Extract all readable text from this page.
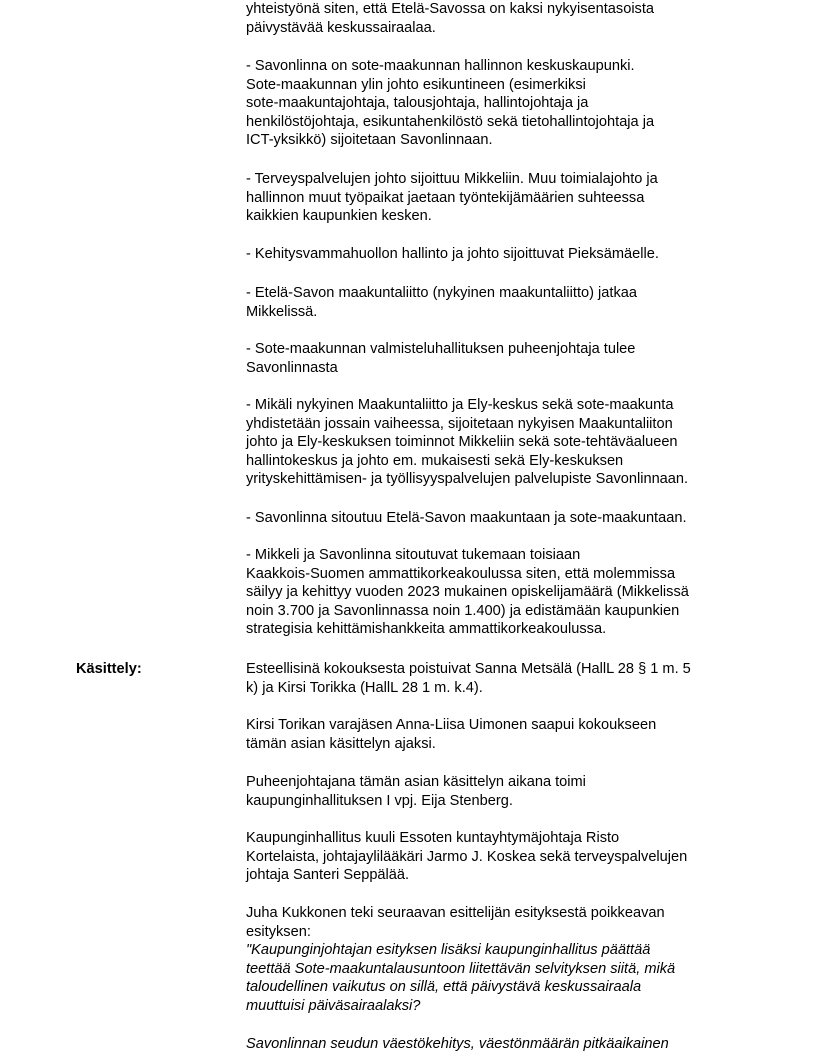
yhteistyönä siten, että Etelä-Savossa on kaksi nykyisentasoista
päivystävää keskussairaalaa.

- Savonlinna on sote-maakunnan hallinnon keskuskaupunki.
Sote-maakunnan ylin johto esikuntineen (esimerkiksi
sote-maakuntajohtaja, talousjohtaja, hallintojohtaja ja
henkilöstöjohtaja, esikuntahenkilöstö sekä tietohallintojohtaja ja
ICT-yksikkö) sijoitetaan Savonlinnaan.

- Terveyspalvelujen johto sijoittuu Mikkeliin. Muu toimialajohto ja
hallinnon muut työpaikat jaetaan työntekijämäärien suhteessa
kaikkien kaupunkien kesken.

- Kehitysvammahuollon hallinto ja johto sijoittuvat Pieksämäelle.

- Etelä-Savon maakuntaliitto (nykyinen maakuntaliitto) jatkaa
Mikkelissä.

- Sote-maakunnan valmisteluhallituksen puheenjohtaja tulee
Savonlinnasta

- Mikäli nykyinen Maakuntaliitto ja Ely-keskus sekä sote-maakunta
yhdistetään jossain vaiheessa, sijoitetaan nykyisen Maakuntaliiton
johto ja Ely-keskuksen toiminnot Mikkeliin sekä sote-tehtäväalueen
hallintokeskus ja johto em. mukaisesti sekä Ely-keskuksen
yrityskehittämisen- ja työllisyyspalvelujen palvelupiste Savonlinnaan.

- Savonlinna sitoutuu Etelä-Savon maakuntaan ja sote-maakuntaan.

- Mikkeli ja Savonlinna sitoutuvat tukemaan toisiaan
Kaakkois-Suomen ammattikorkeakoulussa siten, että molemmissa
säilyy ja kehittyy vuoden 2023 mukainen opiskelijamäärä (Mikkelissä
noin 3.700 ja Savonlinnassa noin 1.400) ja edistämään kaupunkien
strategisia kehittämishankkeita ammattikorkeakoulussa.

Käsittely:	Esteellisinä kokouksesta poistuivat Sanna Metsälä (HallL 28 § 1 m. 5
k) ja Kirsi Torikka (HallL 28 1 m. k.4).

Kirsi Torikan varajäsen Anna-Liisa Uimonen saapui kokoukseen
tämän asian käsittelyn ajaksi.

Puheenjohtajana tämän asian käsittelyn aikana toimi
kaupunginhallituksen I vpj. Eija Stenberg.

Kaupunginhallitus kuuli Essoten kuntayhtymäjohtaja Risto
Kortelaista, johtajaylilääkäri Jarmo J. Koskea sekä terveyspalvelujen
johtaja Santeri Seppälää.

Juha Kukkonen teki seuraavan esittelijän esityksestä poikkeavan
esityksen:

"Kaupunginjohtajan esityksen lisäksi kaupunginhallitus päättää
teettää Sote-maakuntalausuntoon liitettävän selvityksen siitä, mikä
taloudellinen vaikutus on sillä, että päivystävä keskussairaala
muuttuisi päiväsairaalaksi?

Savonlinnan seudun väestökehitys, väestönmäärän pitkäaikainen
